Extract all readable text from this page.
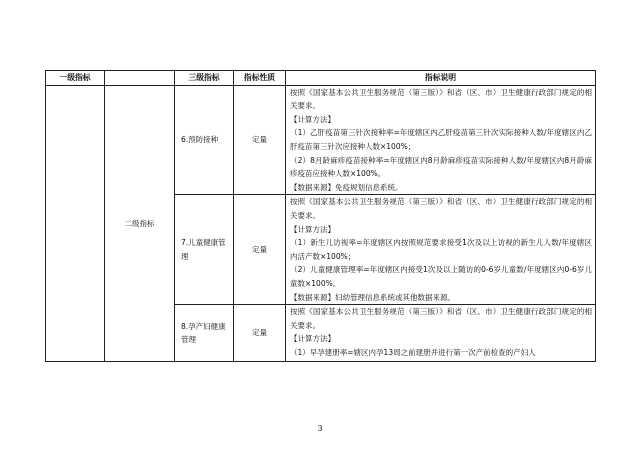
一级指标		三级指标	指标性质	指标说明
	二级指标	6.预防接种	定量	按照《国家基本公共卫生服务规范（第三版）》和省（区、市）卫生健康行政部门规定的相关要求。

【计算方法】

（1）乙肝疫苗第三针次接种率=年度辖区内乙肝疫苗第三针次实际接种人数/年度辖区内乙肝疫苗第三针次应接种人数×100%；

（2）8月龄麻疹疫苗接种率=年度辖区内8月龄麻疹疫苗实际接种人数/年度辖区内8月龄麻疹疫苗应接种人数×100%。

【数据来源】免疫规划信息系统。

		7.儿童健康管理	定量	按照《国家基本公共卫生服务规范（第三版）》和省（区、市）卫生健康行政部门规定的相关要求。

【计算方法】

（1）新生儿访视率=年度辖区内按照规范要求接受1次及以上访视的新生儿人数/年度辖区内活产数×100%；

（2）儿童健康管理率=年度辖区内接受1次及以上随访的0-6岁儿童数/年度辖区内0-6岁儿童数×100%。

【数据来源】妇幼管理信息系统或其他数据来源。

		8.孕产妇健康管理	定量	按照《国家基本公共卫生服务规范（第三版）》和省（区、市）卫生健康行政部门规定的相关要求。

【计算方法】

（1）早孕建册率=辖区内孕13周之前建册并进行第一次产前检查的产妇人

3
